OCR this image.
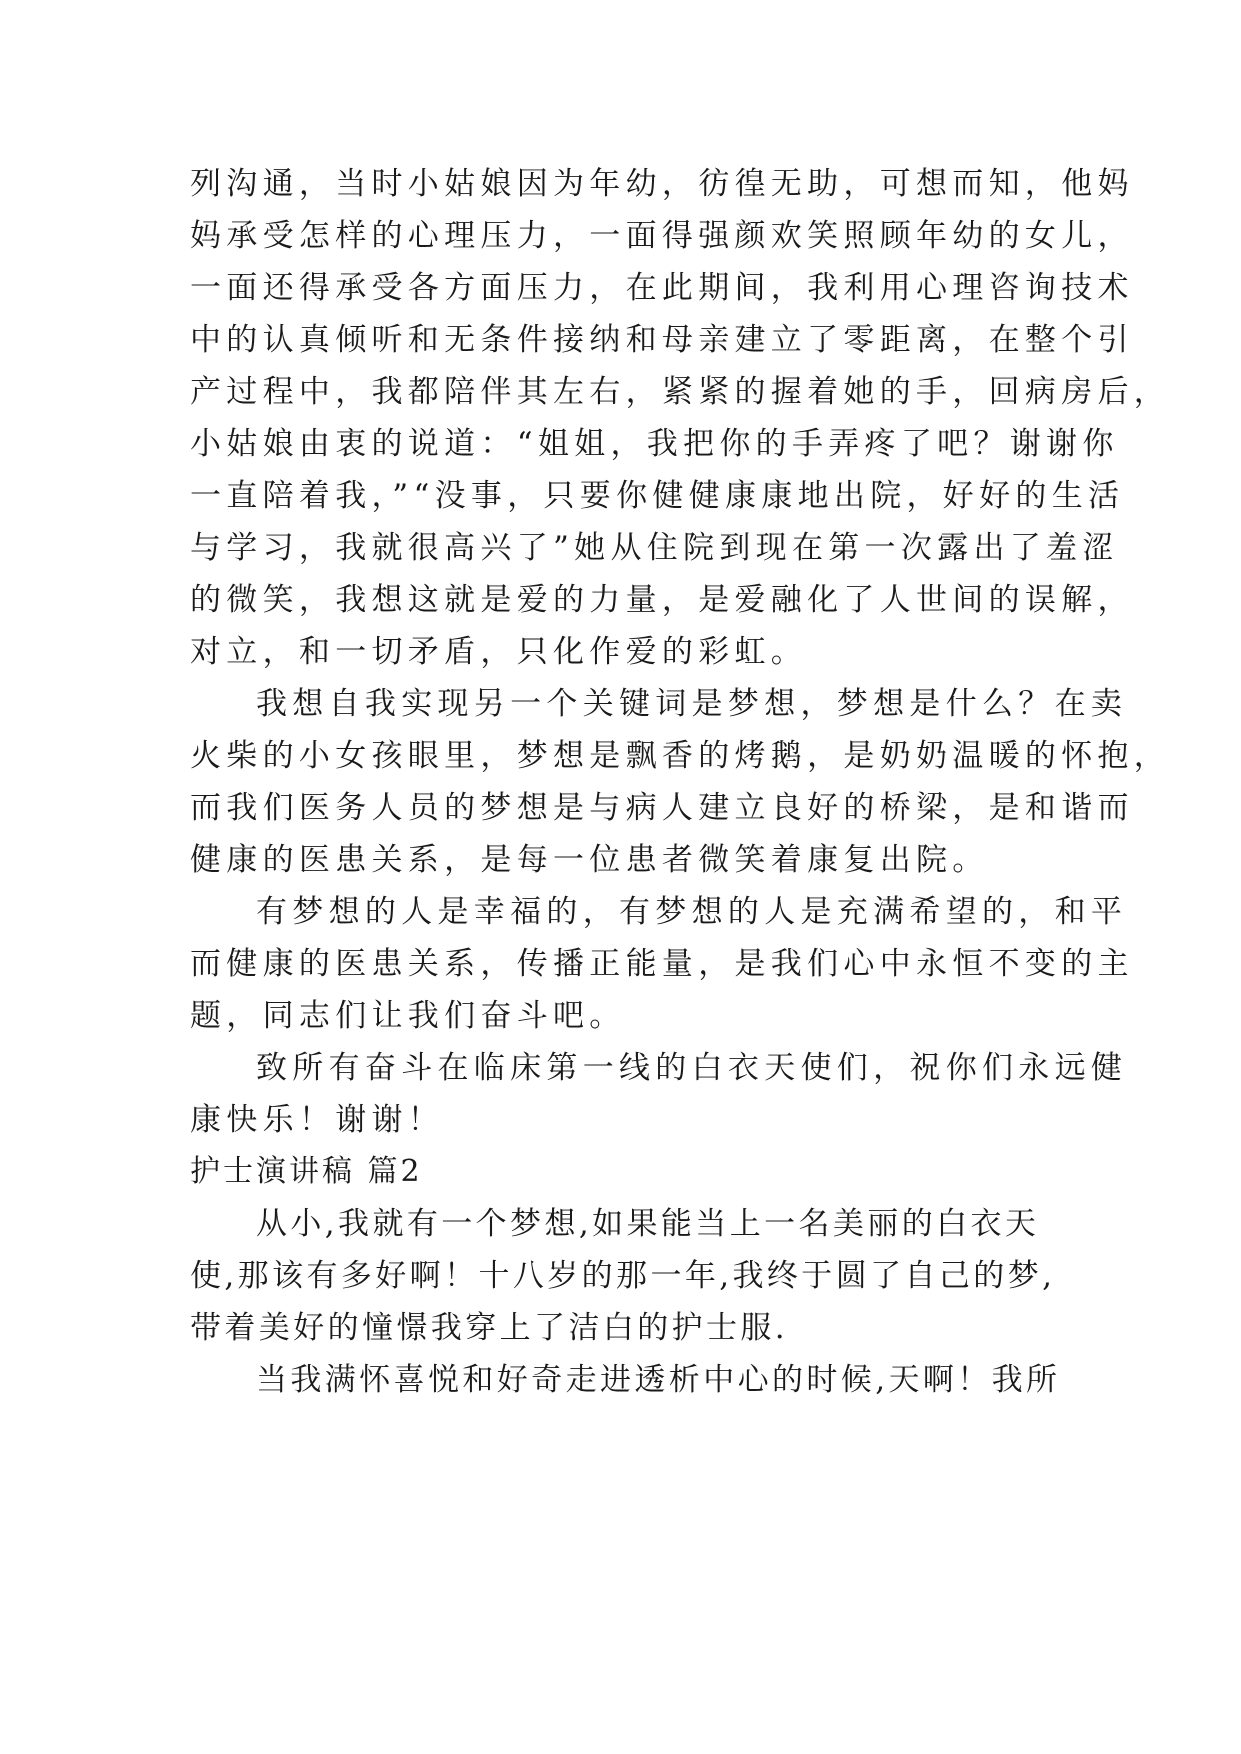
列沟通，当时小姑娘因为年幼，彷徨无助，可想而知，他妈
妈承受怎样的心理压力，一面得强颜欢笑照顾年幼的女儿，
一面还得承受各方面压力，在此期间，我利用心理咨询技术
中的认真倾听和无条件接纳和母亲建立了零距离，在整个引
产过程中，我都陪伴其左右，紧紧的握着她的手，回病房后，
小姑娘由衷的说道：“姐姐，我把你的手弄疼了吧？谢谢你
一直陪着我，”“没事，只要你健健康康地出院，好好的生活
与学习，我就很高兴了”她从住院到现在第一次露出了羞涩
的微笑，我想这就是爱的力量，是爱融化了人世间的误解，
对立，和一切矛盾，只化作爱的彩虹。
我想自我实现另一个关键词是梦想，梦想是什么？在卖
火柴的小女孩眼里，梦想是飘香的烤鹅，是奶奶温暖的怀抱，
而我们医务人员的梦想是与病人建立良好的桥梁，是和谐而
健康的医患关系，是每一位患者微笑着康复出院。
有梦想的人是幸福的，有梦想的人是充满希望的，和平
而健康的医患关系，传播正能量，是我们心中永恒不变的主
题，同志们让我们奋斗吧。
致所有奋斗在临床第一线的白衣天使们，祝你们永远健
康快乐！谢谢！
护士演讲稿 篇2
从小,我就有一个梦想,如果能当上一名美丽的白衣天
使,那该有多好啊！十八岁的那一年,我终于圆了自己的梦,
带着美好的憧憬我穿上了洁白的护士服.
当我满怀喜悦和好奇走进透析中心的时候,天啊！我所
